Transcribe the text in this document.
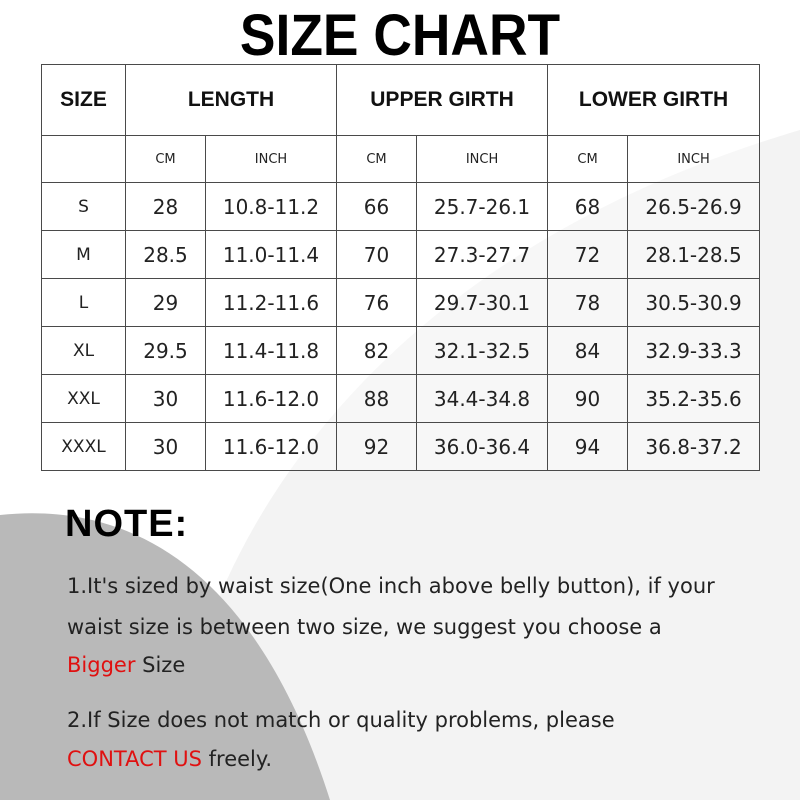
SIZE CHART
SIZE	LENGTH		UPPER GIRTH		LOWER GIRTH	
	CM	INCH	CM	INCH	CM	INCH
S	28	10.8-11.2	66	25.7-26.1	68	26.5-26.9
M	28.5	11.0-11.4	70	27.3-27.7	72	28.1-28.5
L	29	11.2-11.6	76	29.7-30.1	78	30.5-30.9
XL	29.5	11.4-11.8	82	32.1-32.5	84	32.9-33.3
XXL	30	11.6-12.0	88	34.4-34.8	90	35.2-35.6
XXXL	30	11.6-12.0	92	36.0-36.4	94	36.8-37.2
NOTE:
1.It's sized by waist size(One inch above belly button), if your
waist size is between two size, we suggest you choose a
Bigger Size
2.If Size does not match or quality problems, please
CONTACT US freely.
